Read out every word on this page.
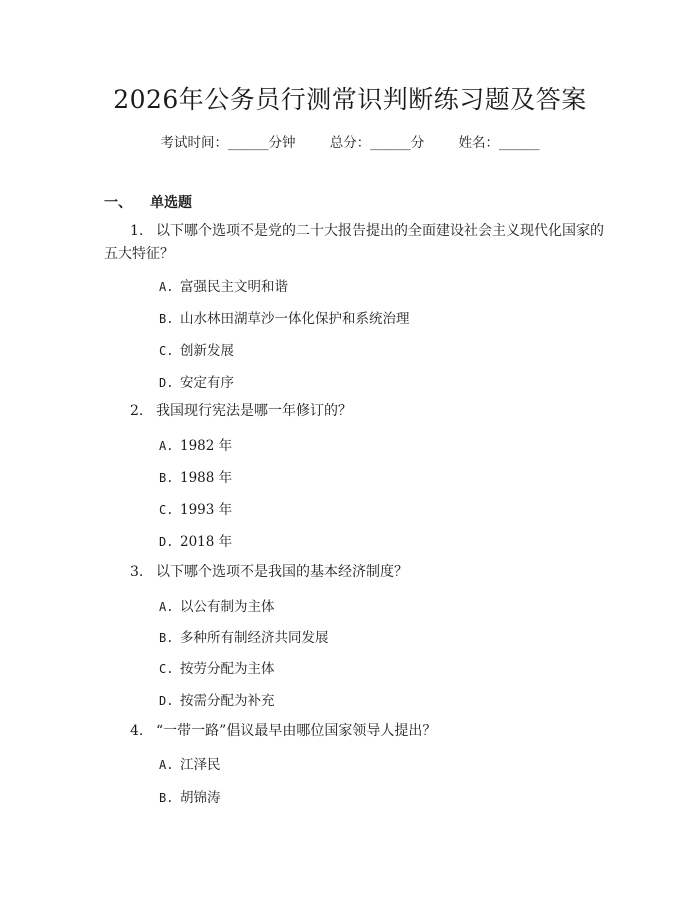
2026年公务员行测常识判断练习题及答案
考试时间：______分钟	总分：______分	姓名：______
一、 单选题
1. 以下哪个选项不是党的二十大报告提出的全面建设社会主义现代化国家的
五大特征？
A. 富强民主文明和谐
B. 山水林田湖草沙一体化保护和系统治理
C. 创新发展
D. 安定有序
2. 我国现行宪法是哪一年修订的？
A. 1982 年
B. 1988 年
C. 1993 年
D. 2018 年
3. 以下哪个选项不是我国的基本经济制度？
A. 以公有制为主体
B. 多种所有制经济共同发展
C. 按劳分配为主体
D. 按需分配为补充
4. “一带一路”倡议最早由哪位国家领导人提出？
A. 江泽民
B. 胡锦涛
